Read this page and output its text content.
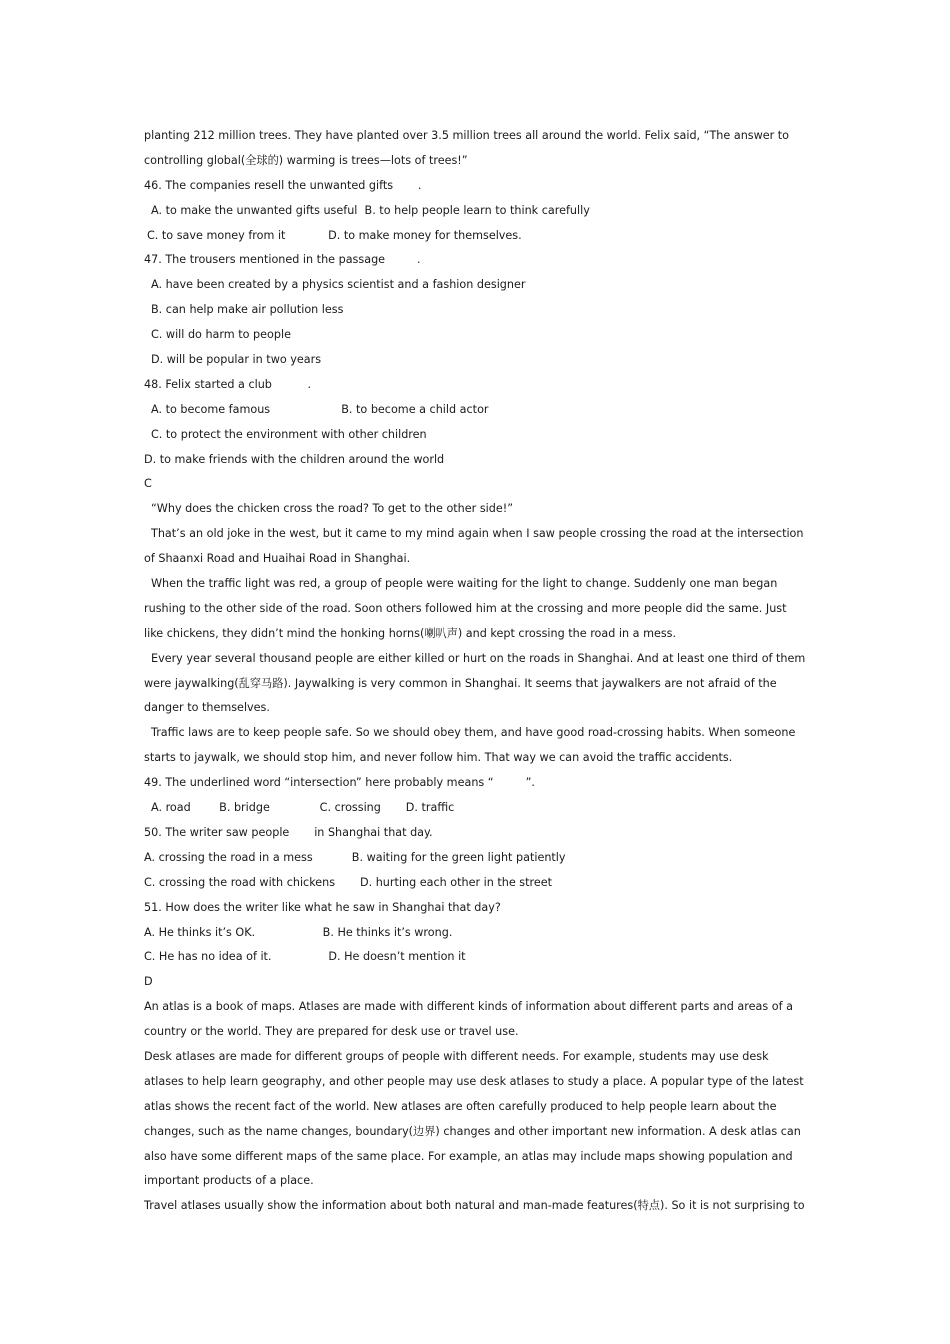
planting 212 million trees. They have planted over 3.5 million trees all around the world. Felix said, “The answer to
controlling global(全球的) warming is trees—lots of trees!”
46. The companies resell the unwanted gifts       .
A. to make the unwanted gifts useful  B. to help people learn to think carefully
C. to save money from it            D. to make money for themselves.
47. The trousers mentioned in the passage         .
A. have been created by a physics scientist and a fashion designer
B. can help make air pollution less
C. will do harm to people
D. will be popular in two years
48. Felix started a club          .
A. to become famous                    B. to become a child actor
C. to protect the environment with other children
D. to make friends with the children around the world
C
“Why does the chicken cross the road? To get to the other side!”
That’s an old joke in the west, but it came to my mind again when I saw people crossing the road at the intersection
of Shaanxi Road and Huaihai Road in Shanghai.
When the traffic light was red, a group of people were waiting for the light to change. Suddenly one man began
rushing to the other side of the road. Soon others followed him at the crossing and more people did the same. Just
like chickens, they didn’t mind the honking horns(喇叭声) and kept crossing the road in a mess.
Every year several thousand people are either killed or hurt on the roads in Shanghai. And at least one third of them
were jaywalking(乱穿马路). Jaywalking is very common in Shanghai. It seems that jaywalkers are not afraid of the
danger to themselves.
Traffic laws are to keep people safe. So we should obey them, and have good road-crossing habits. When someone
starts to jaywalk, we should stop him, and never follow him. That way we can avoid the traffic accidents.
49. The underlined word “intersection” here probably means “         ”.
A. road        B. bridge              C. crossing       D. traffic
50. The writer saw people       in Shanghai that day.
A. crossing the road in a mess           B. waiting for the green light patiently
C. crossing the road with chickens       D. hurting each other in the street
51. How does the writer like what he saw in Shanghai that day?
A. He thinks it’s OK.                   B. He thinks it’s wrong.
C. He has no idea of it.                D. He doesn’t mention it
D
An atlas is a book of maps. Atlases are made with different kinds of information about different parts and areas of a
country or the world. They are prepared for desk use or travel use.
Desk atlases are made for different groups of people with different needs. For example, students may use desk
atlases to help learn geography, and other people may use desk atlases to study a place. A popular type of the latest
atlas shows the recent fact of the world. New atlases are often carefully produced to help people learn about the
changes, such as the name changes, boundary(边界) changes and other important new information. A desk atlas can
also have some different maps of the same place. For example, an atlas may include maps showing population and
important products of a place.
Travel atlases usually show the information about both natural and man-made features(特点). So it is not surprising to
